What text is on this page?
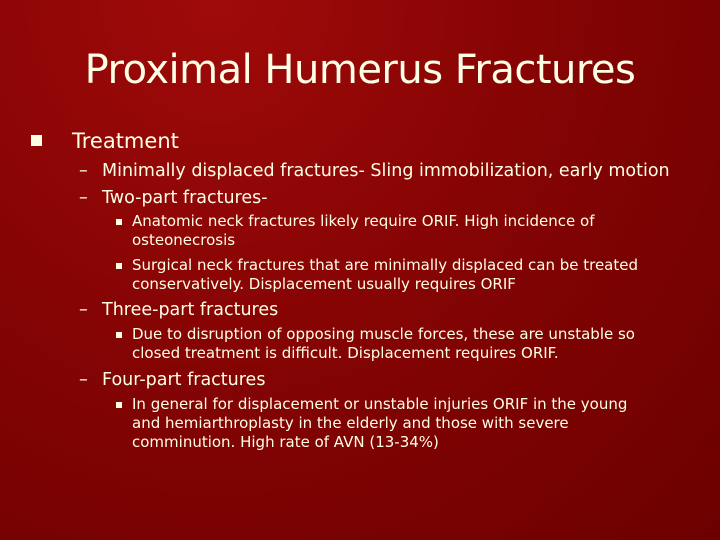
Proximal Humerus Fractures
Treatment
– Minimally displaced fractures- Sling immobilization, early motion
– Two-part fractures-
Anatomic neck fractures likely require ORIF. High incidence of
osteonecrosis
Surgical neck fractures that are minimally displaced can be treated
conservatively. Displacement usually requires ORIF
– Three-part fractures
Due to disruption of opposing muscle forces, these are unstable so
closed treatment is difficult. Displacement requires ORIF.
– Four-part fractures
In general for displacement or unstable injuries ORIF in the young
and hemiarthroplasty in the elderly and those with severe
comminution. High rate of AVN (13-34%)
